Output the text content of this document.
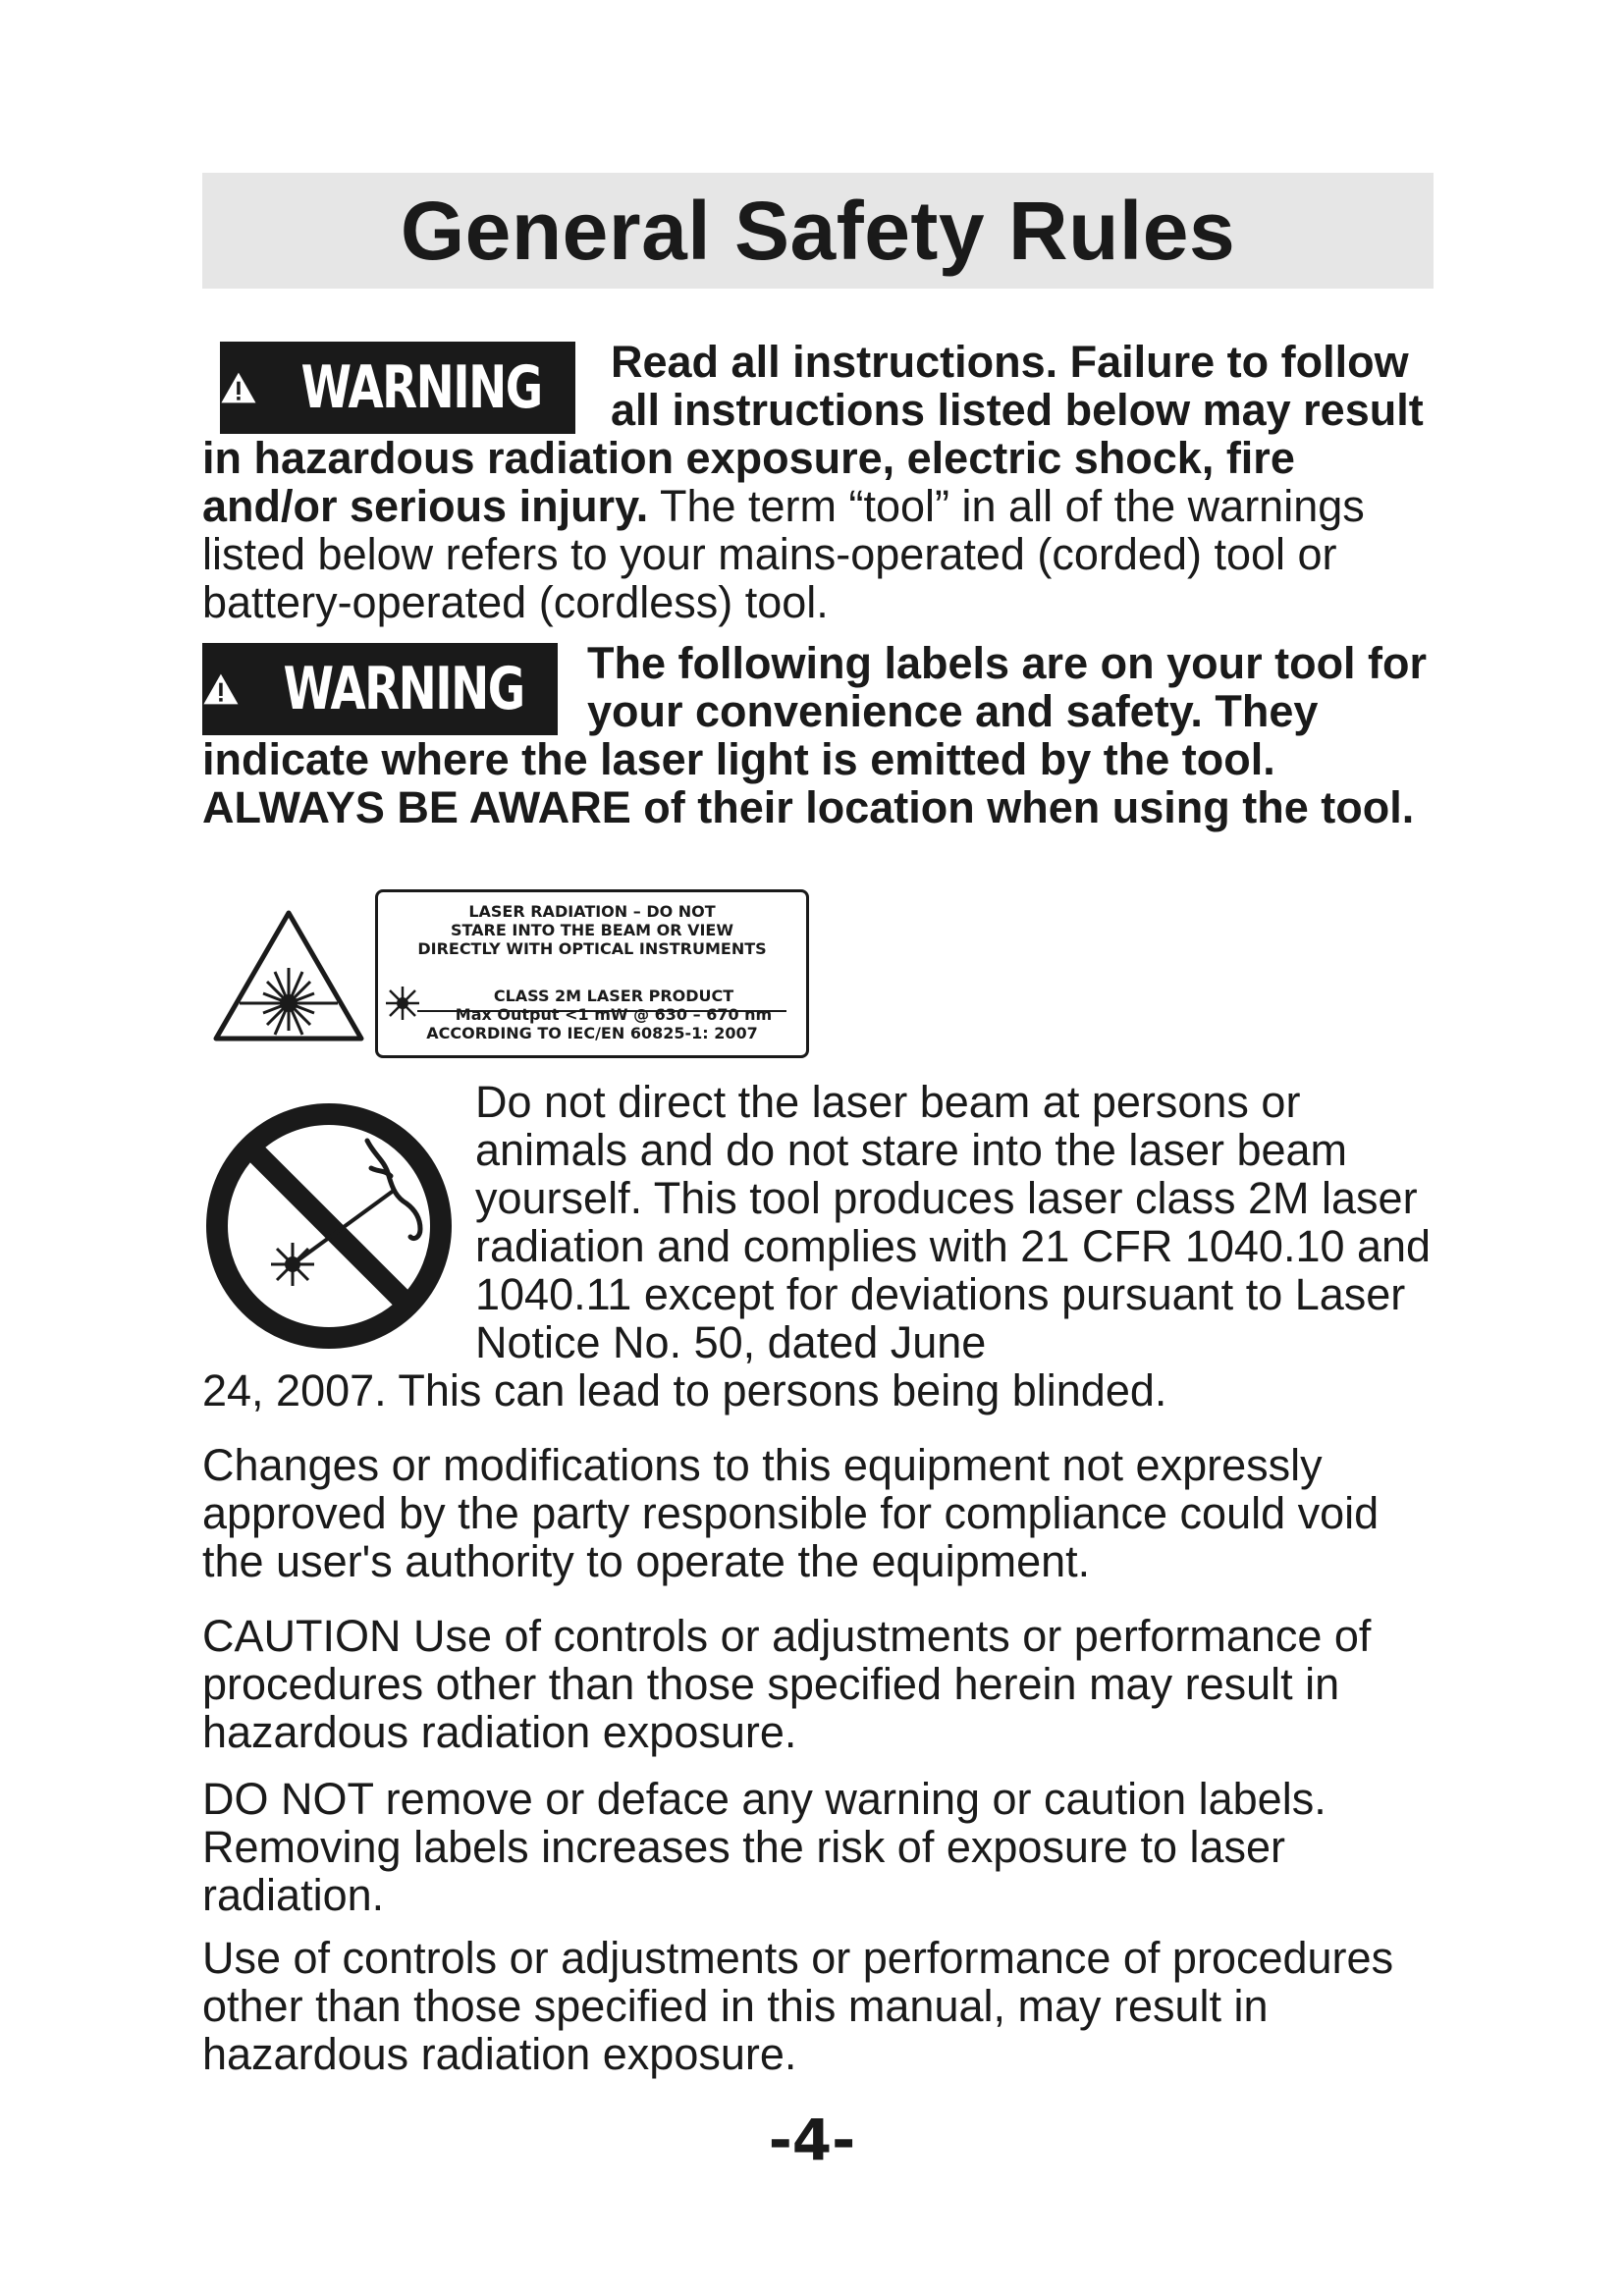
General Safety Rules
WARNING Read all instructions. Failure to follow all instructions listed below may result in hazardous radiation exposure, electric shock, fire and/or serious injury. The term “tool” in all of the warnings listed below refers to your mains-operated (corded) tool or battery-operated (cordless) tool.
WARNING The following labels are on your tool for your convenience and safety. They indicate where the laser light is emitted by the tool. ALWAYS BE AWARE of their location when using the tool.
LASER RADIATION – DO NOT
STARE INTO THE BEAM OR VIEW
DIRECTLY WITH OPTICAL INSTRUMENTS
CLASS 2M LASER PRODUCT
Max Output <1 mW @ 630 – 670 nm
ACCORDING TO IEC/EN 60825-1: 2007

Do not direct the laser beam at persons or animals and do not stare into the laser beam yourself. This tool produces laser class 2M laser radiation and complies with 21 CFR 1040.10 and 1040.11 except for deviations pursuant to Laser Notice No. 50, dated June

24, 2007. This can lead to persons being blinded.

Changes or modifications to this equipment not expressly approved by the party responsible for compliance could void the user's authority to operate the equipment.

CAUTION Use of controls or adjustments or performance of procedures other than those specified herein may result in hazardous radiation exposure.

DO NOT remove or deface any warning or caution labels. Removing labels increases the risk of exposure to laser radiation.

Use of controls or adjustments or performance of procedures other than those specified in this manual, may result in hazardous radiation exposure.

-4-
